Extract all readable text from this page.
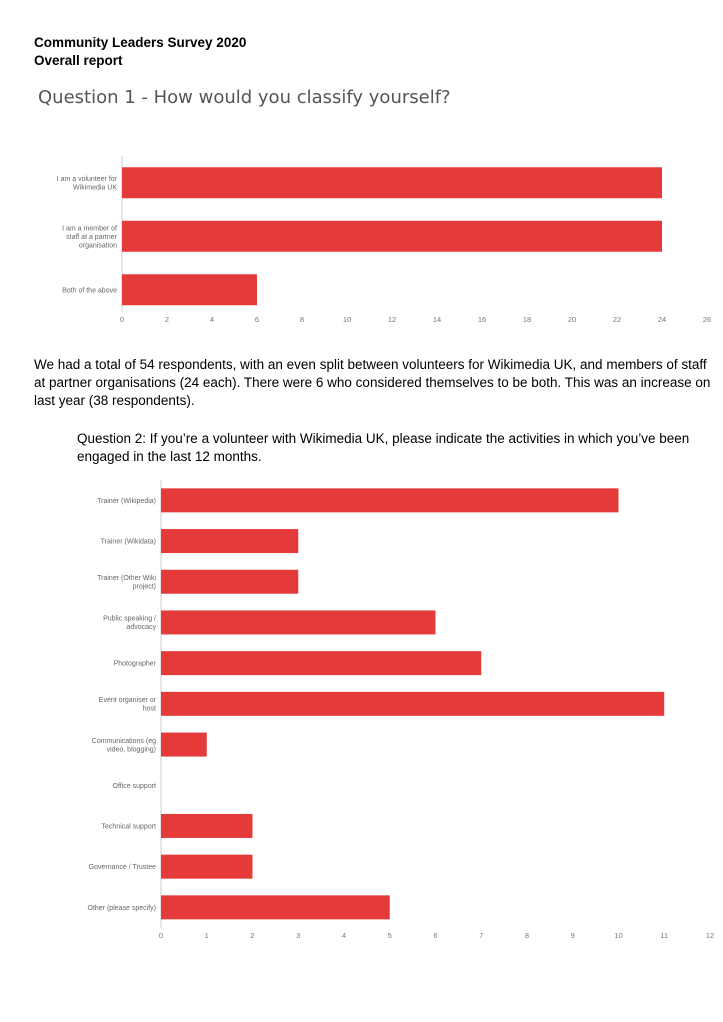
Community Leaders Survey 2020
Overall report
Question 1 - How would you classify yourself?
I am a volunteer for
Wikimedia UK
I am a member of
staff at a partner
organisation
Both of the above
0	2	4	6	8	10	12	14	16	18	20	22	24	26
We had a total of 54 respondents, with an even split between volunteers for Wikimedia UK, and members of staff at partner organisations (24 each). There were 6 who considered themselves to be both. This was an increase on last year (38 respondents).
Question 2: If you’re a volunteer with Wikimedia UK, please indicate the activities in which you’ve been engaged in the last 12 months.
Trainer (Wikipedia)
Trainer (Wikidata)
Trainer (Other Wiki
project)
Public speaking /
advocacy
Photographer
Event organiser or
host
Communications (eg
video, blogging)
Office support
Technical support
Governance / Trustee
Other (please specify)
0	1	2	3	4	5	6	7	8	9	10	11	12
